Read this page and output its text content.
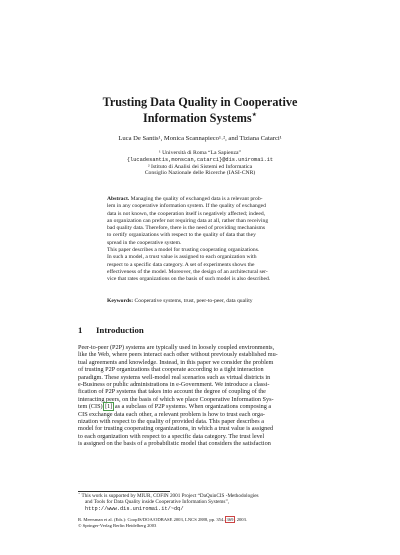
Trusting Data Quality in Cooperative
Information Systems⋆
Luca De Santis¹, Monica Scannapieco¹˒², and Tiziana Catarci¹
¹ Università di Roma “La Sapienza”
{lucadesantis,monscan,catarci}@dis.uniroma1.it
² Istituto di Analisi dei Sistemi ed Informatica
Consiglio Nazionale delle Ricerche (IASI-CNR)
Abstract. Managing the quality of exchanged data is a relevant prob-
lem in any cooperative information system. If the quality of exchanged
data is not known, the cooperation itself is negatively affected; indeed,
an organization can prefer not requiring data at all, rather than receiving
bad quality data. Therefore, there is the need of providing mechanisms
to certify organizations with respect to the quality of data that they
spread in the cooperative system.
This paper describes a model for trusting cooperating organizations.
In such a model, a trust value is assigned to each organization with
respect to a specific data category. A set of experiments shows the
effectiveness of the model. Moreover, the design of an architectural ser-
vice that rates organizations on the basis of such model is also described.
Keywords: Cooperative systems, trust, peer-to-peer, data quality
1 Introduction
Peer-to-peer (P2P) systems are typically used in loosely coupled environments,
like the Web, where peers interact each other without previously established mu-
tual agreements and knowledge. Instead, in this paper we consider the problem
of trusting P2P organizations that cooperate according to a tight interaction
paradigm. These systems well-model real scenarios such as virtual districts in
e-Business or public administrations in e-Government. We introduce a classi-
fication of P2P systems that takes into account the degree of coupling of the
interacting peers, on the basis of which we place Cooperative Information Sys-
tem (CIS) [1] as a subclass of P2P systems. When organizations composing a
CIS exchange data each other, a relevant problem is how to trust each orga-
nization with respect to the quality of provided data. This paper describes a
model for trusting cooperating organizations, in which a trust value is assigned
to each organization with respect to a specific data category. The trust level
is assigned on the basis of a probabilistic model that considers the satisfaction
⋆ This work is supported by MIUR, COFIN 2001 Project “DaQuinCIS -Methodologies
and Tools for Data Quality inside Cooperative Information Systems”,
http://www.dis.uniroma1.it/~dq/
R. Meersman et al. (Eds.): CoopIS/DOA/ODBASE 2003, LNCS 2888, pp. 354–369, 2003.
© Springer-Verlag Berlin Heidelberg 2003
